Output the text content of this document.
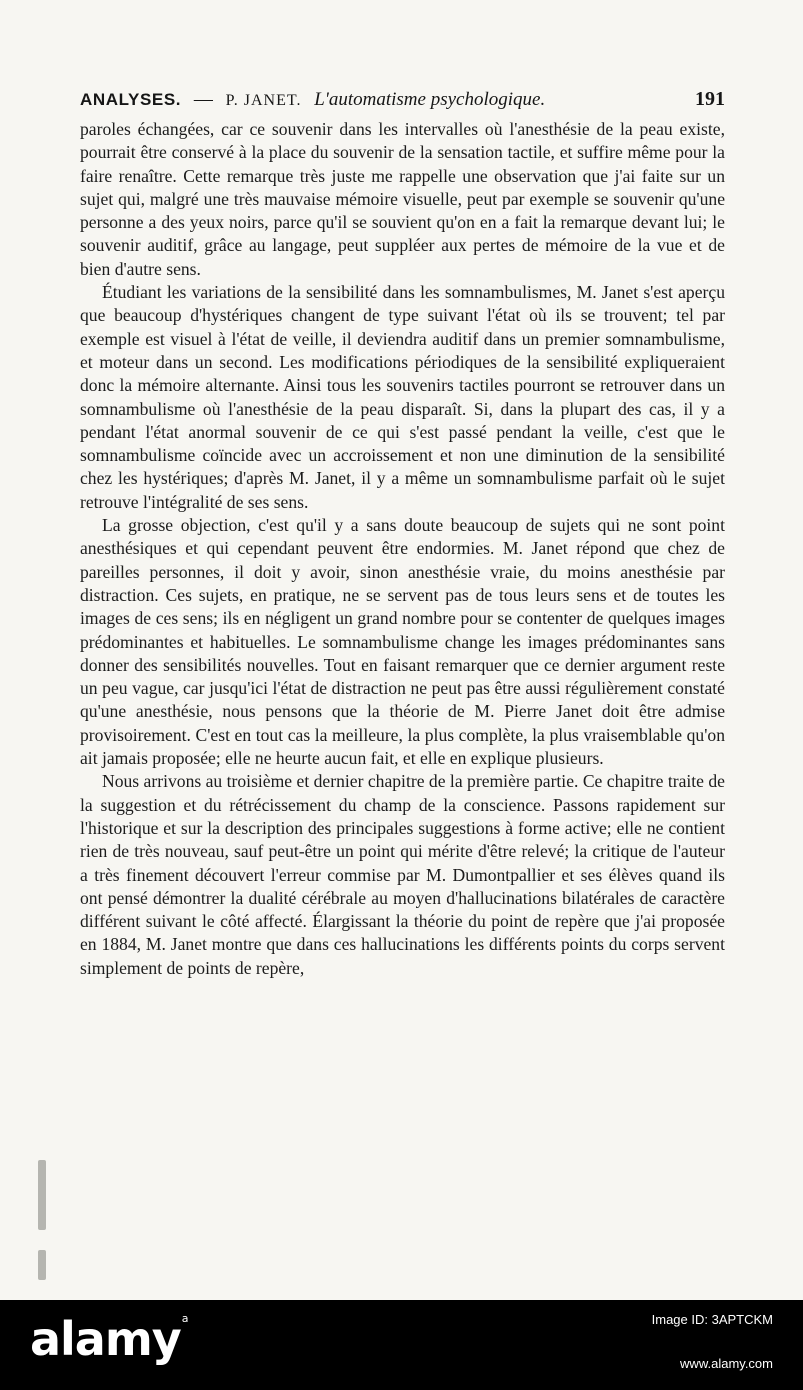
ANALYSES. — P. JANET. L'automatisme psychologique.	191

paroles échangées, car ce souvenir dans les intervalles où l'anesthésie de la peau existe, pourrait être conservé à la place du souvenir de la sensation tactile, et suffire même pour la faire renaître. Cette remarque très juste me rappelle une observation que j'ai faite sur un sujet qui, malgré une très mauvaise mémoire visuelle, peut par exemple se souvenir qu'une personne a des yeux noirs, parce qu'il se souvient qu'on en a fait la remarque devant lui; le souvenir auditif, grâce au langage, peut suppléer aux pertes de mémoire de la vue et de bien d'autre sens.

Étudiant les variations de la sensibilité dans les somnambulismes, M. Janet s'est aperçu que beaucoup d'hystériques changent de type suivant l'état où ils se trouvent; tel par exemple est visuel à l'état de veille, il deviendra auditif dans un premier somnambulisme, et moteur dans un second. Les modifications périodiques de la sensibilité expliqueraient donc la mémoire alternante. Ainsi tous les souvenirs tactiles pourront se retrouver dans un somnambulisme où l'anesthésie de la peau disparaît. Si, dans la plupart des cas, il y a pendant l'état anormal souvenir de ce qui s'est passé pendant la veille, c'est que le somnambulisme coïncide avec un accroissement et non une diminution de la sensibilité chez les hystériques; d'après M. Janet, il y a même un somnambulisme parfait où le sujet retrouve l'intégralité de ses sens.

La grosse objection, c'est qu'il y a sans doute beaucoup de sujets qui ne sont point anesthésiques et qui cependant peuvent être endormies. M. Janet répond que chez de pareilles personnes, il doit y avoir, sinon anesthésie vraie, du moins anesthésie par distraction. Ces sujets, en pratique, ne se servent pas de tous leurs sens et de toutes les images de ces sens; ils en négligent un grand nombre pour se contenter de quelques images prédominantes et habituelles. Le somnambulisme change les images prédominantes sans donner des sensibilités nouvelles. Tout en faisant remarquer que ce dernier argument reste un peu vague, car jusqu'ici l'état de distraction ne peut pas être aussi régulièrement constaté qu'une anesthésie, nous pensons que la théorie de M. Pierre Janet doit être admise provisoirement. C'est en tout cas la meilleure, la plus complète, la plus vraisemblable qu'on ait jamais proposée; elle ne heurte aucun fait, et elle en explique plusieurs.

Nous arrivons au troisième et dernier chapitre de la première partie. Ce chapitre traite de la suggestion et du rétrécissement du champ de la conscience. Passons rapidement sur l'historique et sur la description des principales suggestions à forme active; elle ne contient rien de très nouveau, sauf peut-être un point qui mérite d'être relevé; la critique de l'auteur a très finement découvert l'erreur commise par M. Dumontpallier et ses élèves quand ils ont pensé démontrer la dualité cérébrale au moyen d'hallucinations bilatérales de caractère différent suivant le côté affecté. Élargissant la théorie du point de repère que j'ai proposée en 1884, M. Janet montre que dans ces hallucinations les différents points du corps servent simplement de points de repère,

alamy$^a$	Image ID: 3APTCKM
www.alamy.com
